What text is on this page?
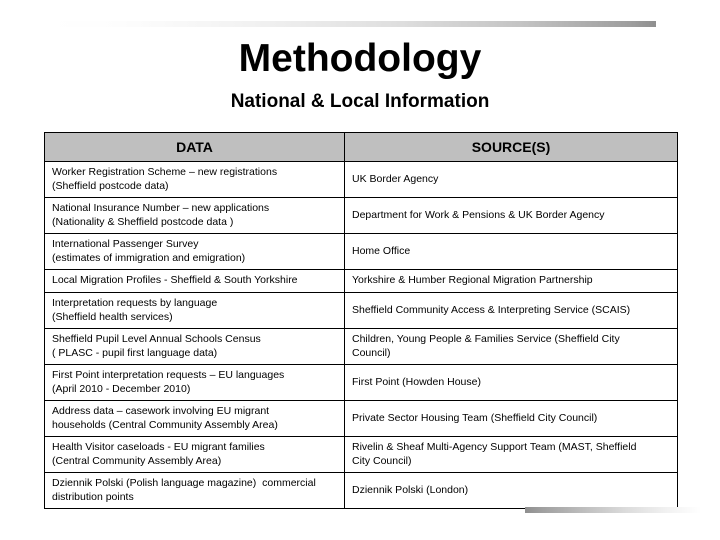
Methodology
National & Local Information
DATA	SOURCE(S)

Worker Registration Scheme – new registrations
(Sheffield postcode data)	UK Border Agency

National Insurance Number – new applications
(Nationality & Sheffield postcode data )	Department for Work & Pensions & UK Border Agency

International Passenger Survey
(estimates of immigration and emigration)	Home Office

Local Migration Profiles - Sheffield & South Yorkshire	Yorkshire & Humber Regional Migration Partnership

Interpretation requests by language
(Sheffield health services)	Sheffield Community Access & Interpreting Service (SCAIS)

Sheffield Pupil Level Annual Schools Census
( PLASC - pupil first language data)	Children, Young People & Families Service (Sheffield City
Council)

First Point interpretation requests – EU languages
(April 2010 - December 2010)	First Point (Howden House)

Address data – casework involving EU migrant
households (Central Community Assembly Area)	Private Sector Housing Team (Sheffield City Council)

Health Visitor caseloads - EU migrant families
(Central Community Assembly Area)	Rivelin & Sheaf Multi-Agency Support Team (MAST, Sheffield
City Council)

Dziennik Polski (Polish language magazine)  commercial
distribution points	Dziennik Polski (London)
